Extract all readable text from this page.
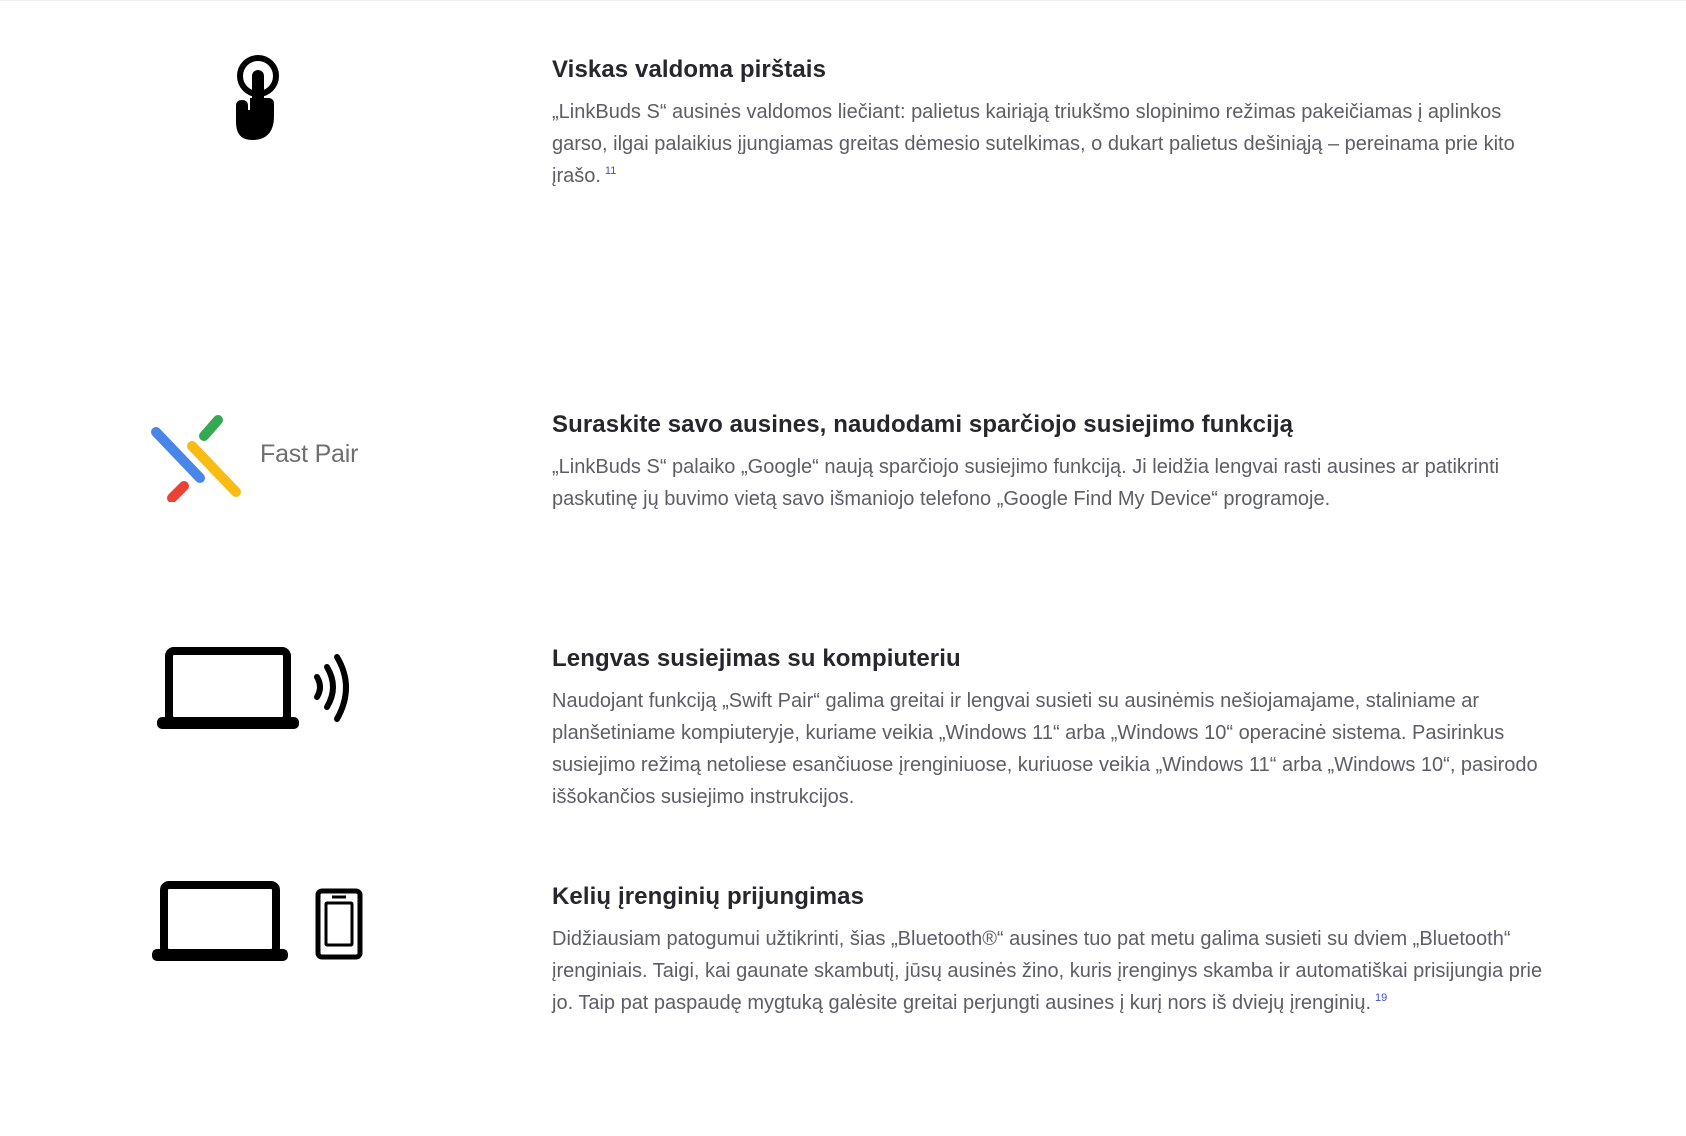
Viskas valdoma pirštais

„LinkBuds S“ ausinės valdomos liečiant: palietus kairiąją triukšmo slopinimo režimas pakeičiamas į aplinkos garso, ilgai palaikius įjungiamas greitas dėmesio sutelkimas, o dukart palietus dešiniąją – pereinama prie kito įrašo. $^{11}$

Fast Pair
Suraskite savo ausines, naudodami sparčiojo susiejimo funkciją

„LinkBuds S“ palaiko „Google“ naują sparčiojo susiejimo funkciją. Ji leidžia lengvai rasti ausines ar patikrinti paskutinę jų buvimo vietą savo išmaniojo telefono „Google Find My Device“ programoje.

Lengvas susiejimas su kompiuteriu

Naudojant funkciją „Swift Pair“ galima greitai ir lengvai susieti su ausinėmis nešiojamajame, staliniame ar planšetiniame kompiuteryje, kuriame veikia „Windows 11“ arba „Windows 10“ operacinė sistema. Pasirinkus susiejimo režimą netoliese esančiuose įrenginiuose, kuriuose veikia „Windows 11“ arba „Windows 10“, pasirodo iššokančios susiejimo instrukcijos.

Kelių įrenginių prijungimas

Didžiausiam patogumui užtikrinti, šias „Bluetooth®“ ausines tuo pat metu galima susieti su dviem „Bluetooth“ įrenginiais. Taigi, kai gaunate skambutį, jūsų ausinės žino, kuris įrenginys skamba ir automatiškai prisijungia prie jo. Taip pat paspaudę mygtuką galėsite greitai perjungti ausines į kurį nors iš dviejų įrenginių. $^{19}$
